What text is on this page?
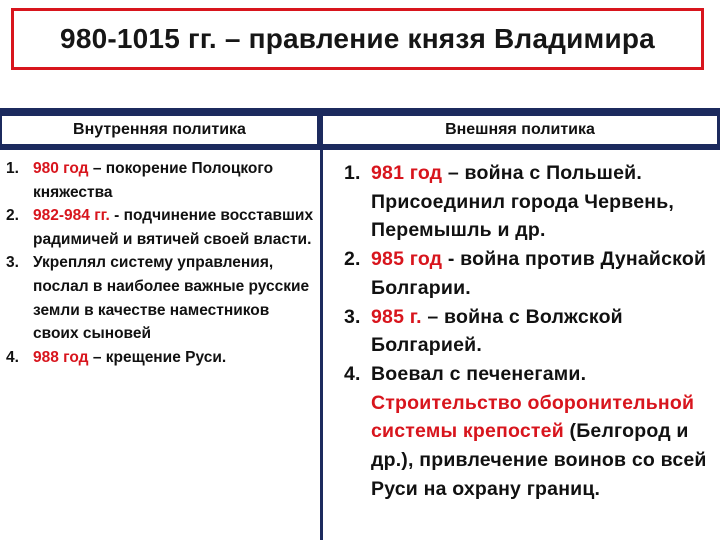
980-1015 гг. – правление князя Владимира
Внутренняя политика	Внешняя политика
1. 980 год – покорение Полоцкого княжества
2. 982-984 гг. - подчинение восставших радимичей и вятичей своей власти.
3. Укреплял систему управления, послал в наиболее важные русские земли в качестве наместников своих сыновей
4. 988 год – крещение Руси.
1. 981 год – война с Польшей. Присоединил города Червень, Перемышль и др.
2. 985 год - война против Дунайской Болгарии.
3. 985 г. – война с Волжской Болгарией.
4. Воевал с печенегами. Строительство оборонительной системы крепостей (Белгород и др.), привлечение воинов со всей Руси на охрану границ.
